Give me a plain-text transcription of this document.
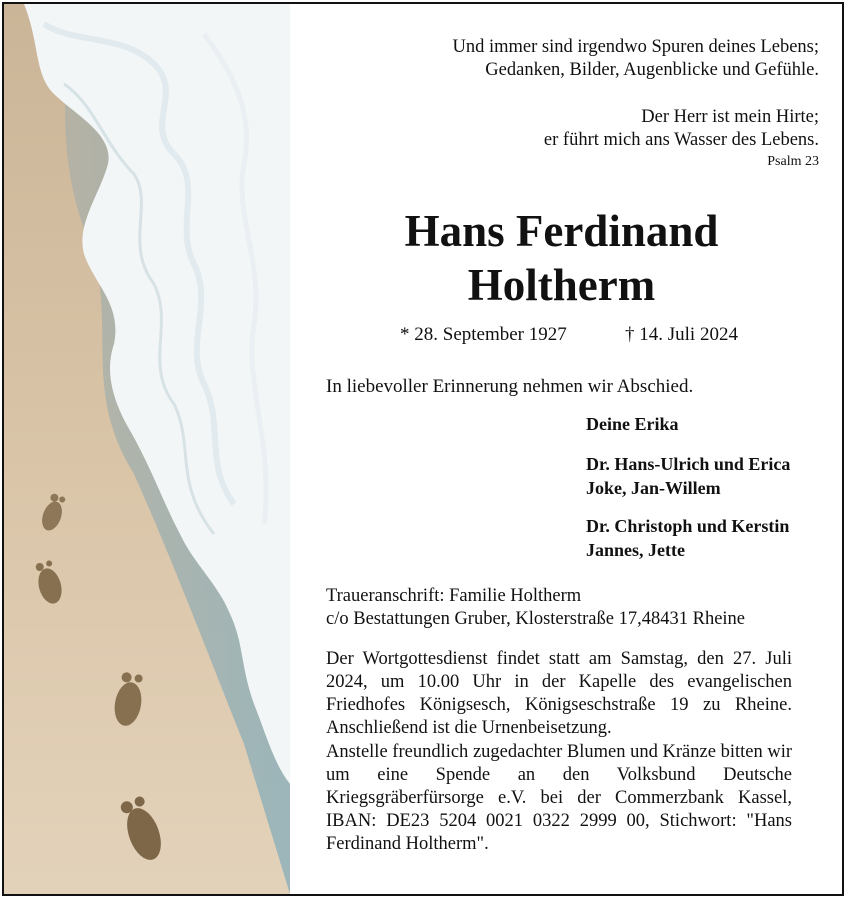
Und immer sind irgendwo Spuren deines Lebens;
Gedanken, Bilder, Augenblicke und Gefühle.
Der Herr ist mein Hirte;
er führt mich ans Wasser des Lebens.
Psalm 23
Hans Ferdinand
Holtherm
* 28. September 1927	† 14. Juli 2024
In liebevoller Erinnerung nehmen wir Abschied.
Deine Erika
Dr. Hans-Ulrich und Erica
Joke, Jan-Willem
Dr. Christoph und Kerstin
Jannes, Jette
Traueranschrift: Familie Holtherm
c/o Bestattungen Gruber, Klosterstraße 17,48431 Rheine
Der Wortgottesdienst findet statt am Samstag, den 27. Juli 2024, um 10.00 Uhr in der Kapelle des evangelischen Friedhofes Königsesch, Königseschstraße 19 zu Rheine. Anschließend ist die Urnenbeisetzung.
Anstelle freundlich zugedachter Blumen und Kränze bitten wir um eine Spende an den Volksbund Deutsche Kriegsgräberfürsorge e.V. bei der Commerzbank Kassel, IBAN: DE23 5204 0021 0322 2999 00, Stichwort: "Hans Ferdinand Holtherm".
